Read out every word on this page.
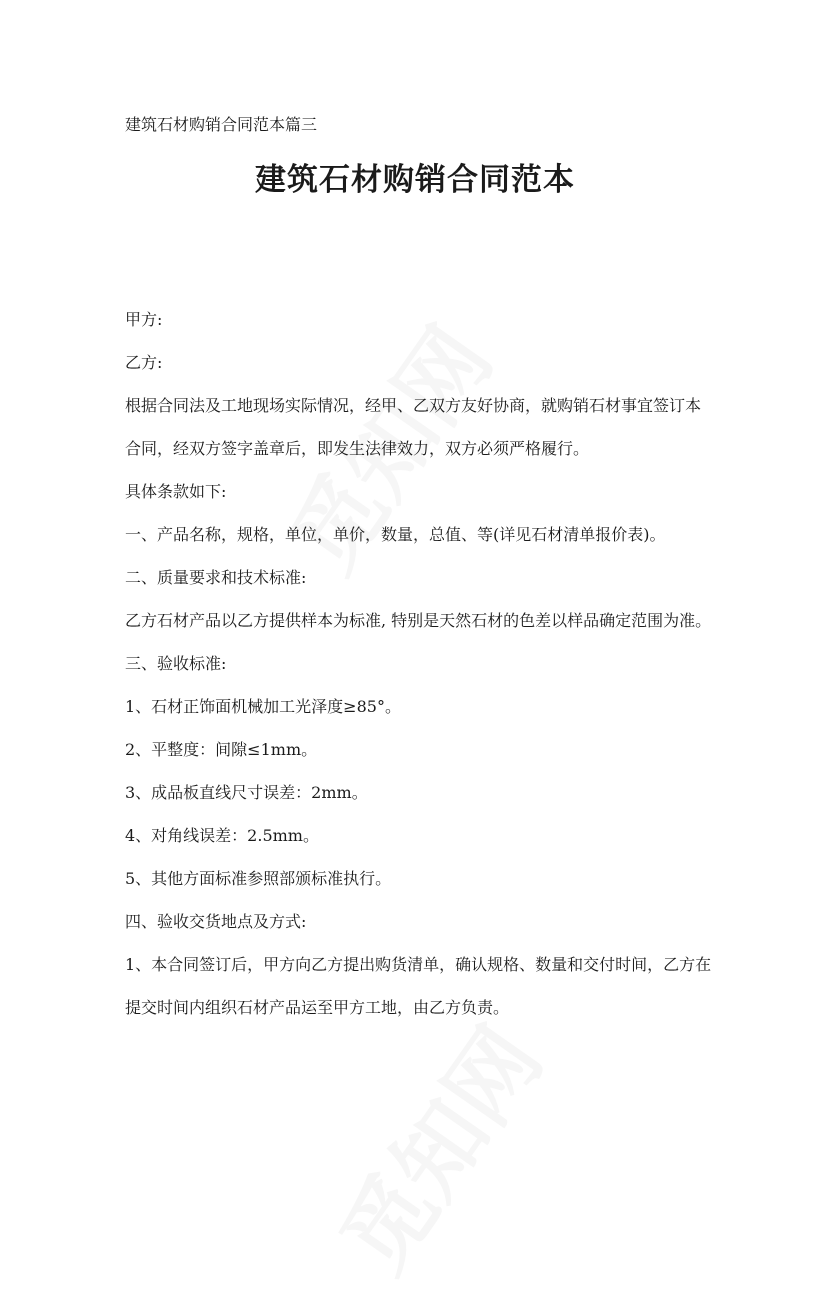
建筑石材购销合同范本篇三
建筑石材购销合同范本

甲方:

乙方:

根据合同法及工地现场实际情况，经甲、乙双方友好协商，就购销石材事宜签订本合同，经双方签字盖章后，即发生法律效力，双方必须严格履行。

具体条款如下:

一、产品名称，规格，单位，单价，数量，总值、等(详见石材清单报价表)。

二、质量要求和技术标准:

乙方石材产品以乙方提供样本为标准, 特别是天然石材的色差以样品确定范围为准。

三、验收标准:

1、石材正饰面机械加工光泽度≥85°。

2、平整度：间隙≤1mm。

3、成品板直线尺寸误差：2mm。

4、对角线误差：2.5mm。

5、其他方面标准参照部颁标准执行。

四、验收交货地点及方式:

1、本合同签订后，甲方向乙方提出购货清单，确认规格、数量和交付时间，乙方在提交时间内组织石材产品运至甲方工地，由乙方负责。
